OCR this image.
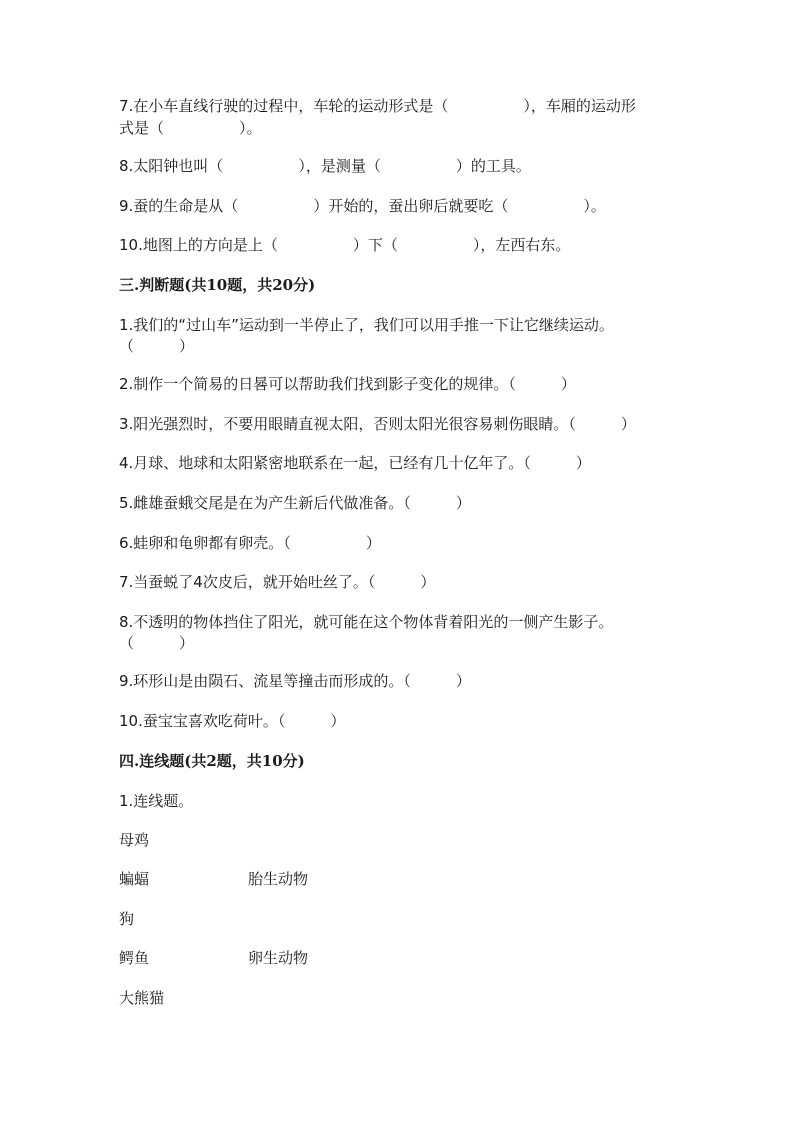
7.在小车直线行驶的过程中，车轮的运动形式是（　　　　　），车厢的运动形
式是（　　　　　）。
8.太阳钟也叫（　　　　　），是测量（　　　　　）的工具。
9.蚕的生命是从（　　　　　）开始的，蚕出卵后就要吃（　　　　　）。
10.地图上的方向是上（　　　　　）下（　　　　　），左西右东。
三.判断题(共10题，共20分)
1.我们的“过山车”运动到一半停止了，我们可以用手推一下让它继续运动。
（　　　）
2.制作一个简易的日晷可以帮助我们找到影子变化的规律。（　　　）
3.阳光强烈时，不要用眼睛直视太阳，否则太阳光很容易刺伤眼睛。（　　　）
4.月球、地球和太阳紧密地联系在一起，已经有几十亿年了。（　　　）
5.雌雄蚕蛾交尾是在为产生新后代做准备。（　　　）
6.蛙卵和龟卵都有卵壳。（　　　　　）
7.当蚕蜕了4次皮后，就开始吐丝了。（　　　）
8.不透明的物体挡住了阳光，就可能在这个物体背着阳光的一侧产生影子。
（　　　）
9.环形山是由陨石、流星等撞击而形成的。（　　　）
10.蚕宝宝喜欢吃荷叶。（　　　）
四.连线题(共2题，共10分)
1.连线题。
母鸡
蝙蝠	胎生动物
狗
鳄鱼	卵生动物
大熊猫
